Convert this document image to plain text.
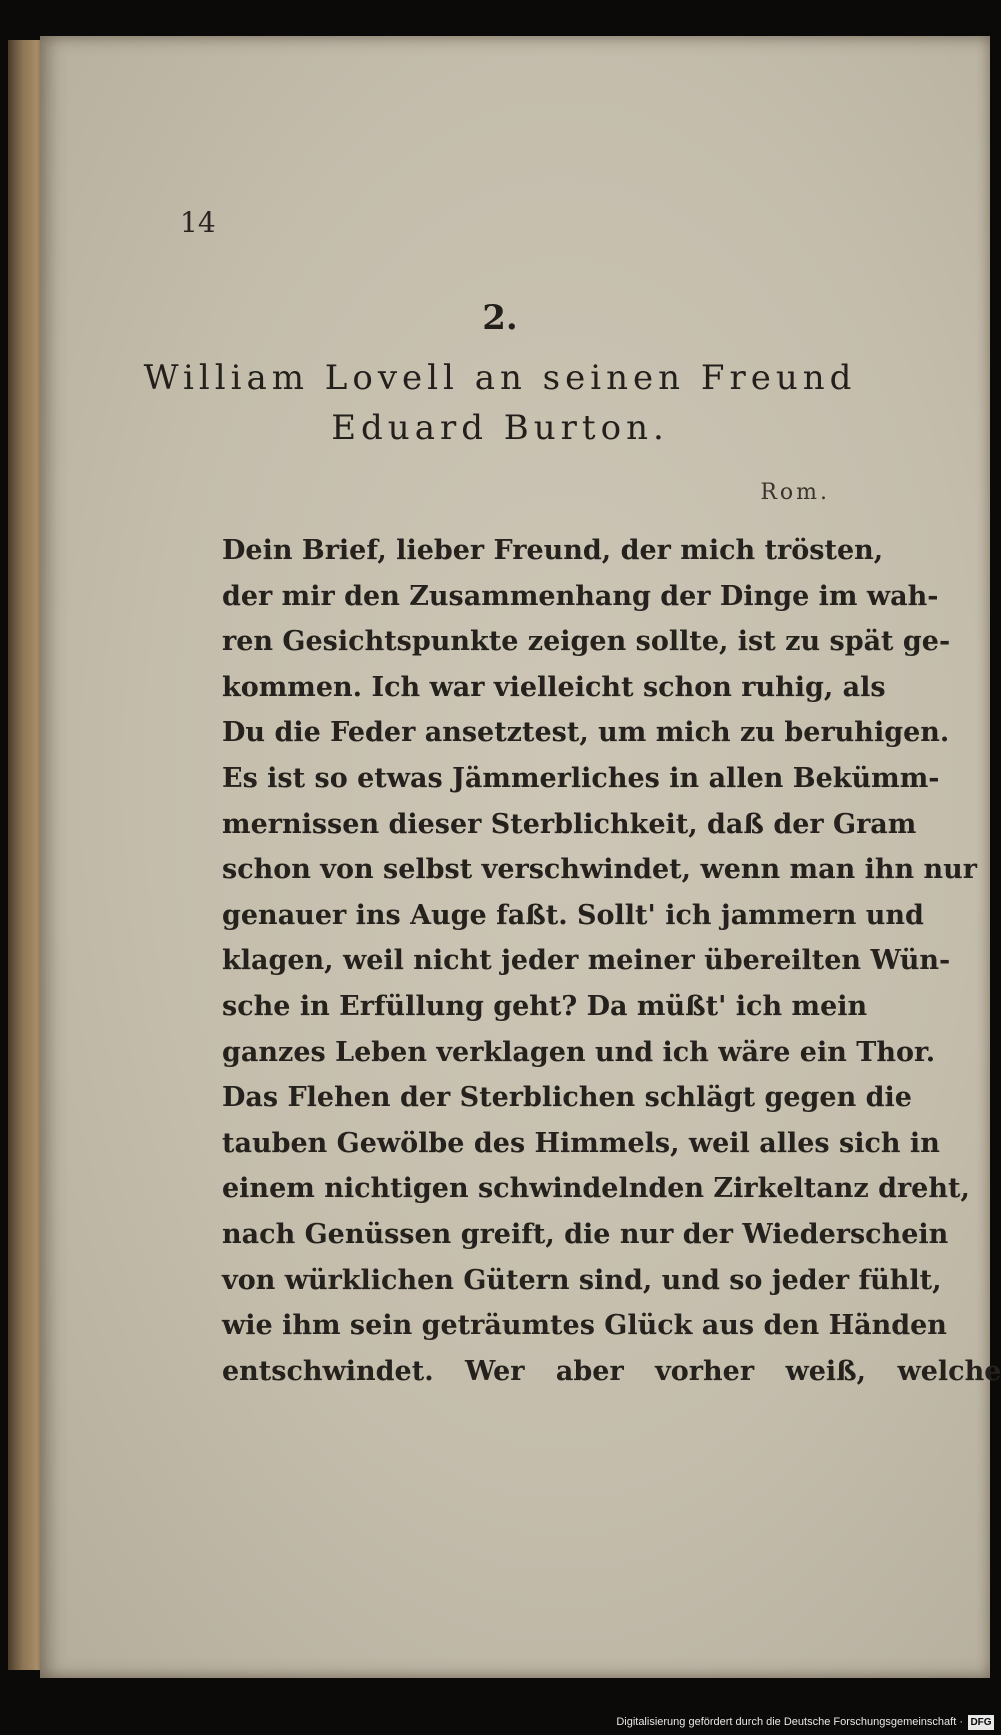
14
2.
William Lovell an seinen Freund
Eduard Burton.
Rom.
Dein Brief, lieber Freund, der mich trösten,
der mir den Zusammenhang der Dinge im wah-
ren Gesichtspunkte zeigen sollte, ist zu spät ge-
kommen. Ich war vielleicht schon ruhig, als
Du die Feder ansetztest, um mich zu beruhigen.
Es ist so etwas Jämmerliches in allen Bekümm-
mernissen dieser Sterblichkeit, daß der Gram
schon von selbst verschwindet, wenn man ihn nur
genauer ins Auge faßt. Sollt' ich jammern und
klagen, weil nicht jeder meiner übereilten Wün-
sche in Erfüllung geht? Da müßt' ich mein
ganzes Leben verklagen und ich wäre ein Thor.
Das Flehen der Sterblichen schlägt gegen die
tauben Gewölbe des Himmels, weil alles sich in
einem nichtigen schwindelnden Zirkeltanz dreht,
nach Genüssen greift, die nur der Wiederschein
von würklichen Gütern sind, und so jeder fühlt,
wie ihm sein geträumtes Glück aus den Händen
entschwindet. Wer aber vorher weiß, welche
Digitalisierung gefördert durch die Deutsche Forschungsgemeinschaft · DFG
